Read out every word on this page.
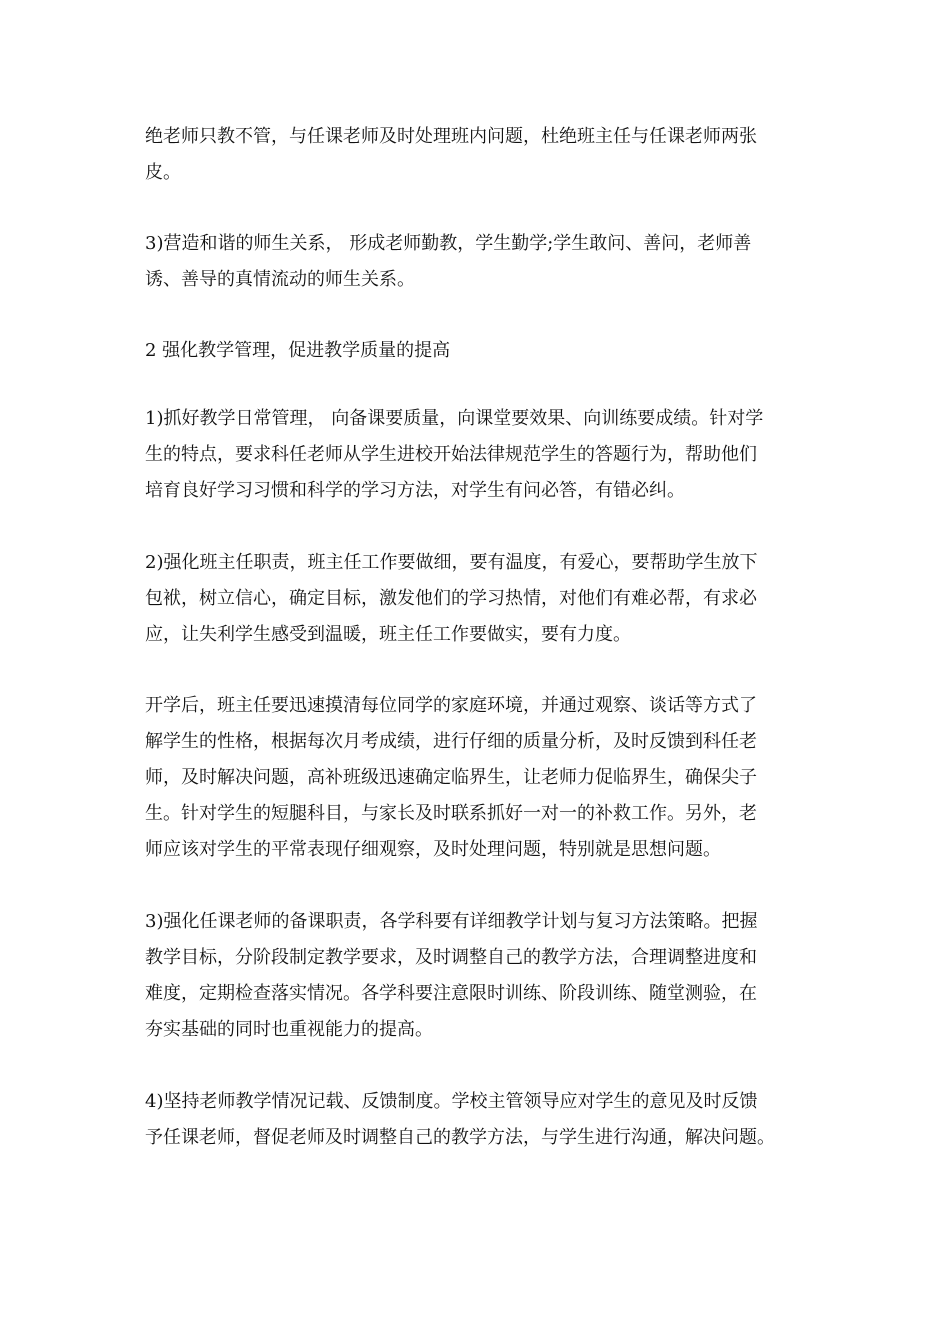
绝老师只教不管，与任课老师及时处理班内问题，杜绝班主任与任课老师两张
皮。
3)营造和谐的师生关系， 形成老师勤教，学生勤学;学生敢问、善问，老师善
诱、善导的真情流动的师生关系。
2 强化教学管理，促进教学质量的提高
1)抓好教学日常管理， 向备课要质量，向课堂要效果、向训练要成绩。针对学
生的特点，要求科任老师从学生进校开始法律规范学生的答题行为，帮助他们
培育良好学习习惯和科学的学习方法，对学生有问必答，有错必纠。
2)强化班主任职责，班主任工作要做细，要有温度，有爱心，要帮助学生放下
包袱，树立信心，确定目标，激发他们的学习热情，对他们有难必帮，有求必
应，让失利学生感受到温暖，班主任工作要做实，要有力度。
开学后，班主任要迅速摸清每位同学的家庭环境，并通过观察、谈话等方式了
解学生的性格，根据每次月考成绩，进行仔细的质量分析，及时反馈到科任老
师，及时解决问题，高补班级迅速确定临界生，让老师力促临界生，确保尖子
生。针对学生的短腿科目，与家长及时联系抓好一对一的补救工作。另外，老
师应该对学生的平常表现仔细观察，及时处理问题，特别就是思想问题。
3)强化任课老师的备课职责，各学科要有详细教学计划与复习方法策略。把握
教学目标，分阶段制定教学要求，及时调整自己的教学方法，合理调整进度和
难度，定期检查落实情况。各学科要注意限时训练、阶段训练、随堂测验，在
夯实基础的同时也重视能力的提高。
4)坚持老师教学情况记载、反馈制度。学校主管领导应对学生的意见及时反馈
予任课老师，督促老师及时调整自己的教学方法，与学生进行沟通，解决问题。
